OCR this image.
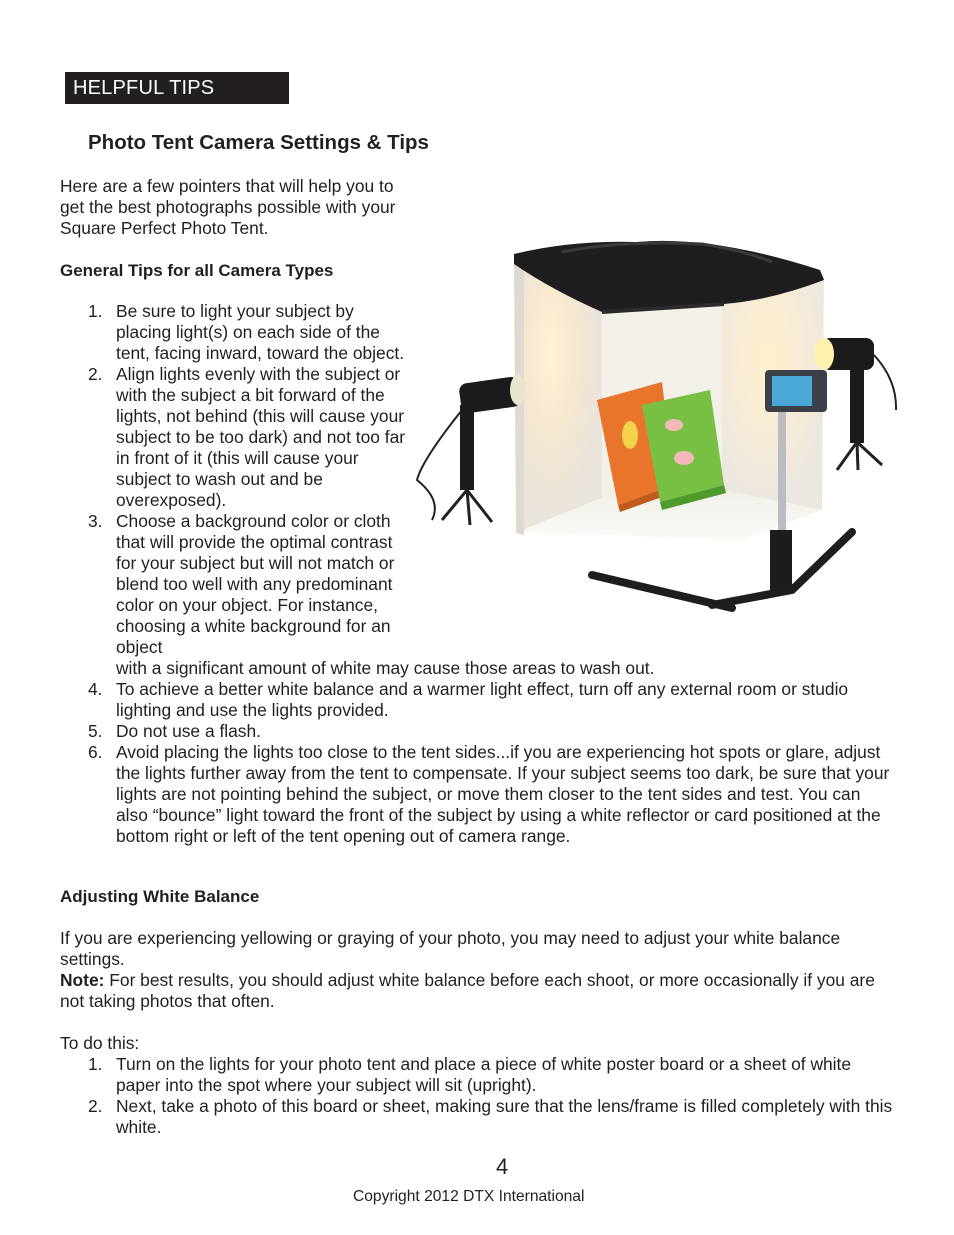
HELPFUL TIPS
Photo Tent Camera Settings & Tips

Here are a few pointers that will help you to get the best photographs possible with your Square Perfect Photo Tent.

General Tips for all Camera Types
1. Be sure to light your subject by placing light(s) on each side of the tent, facing inward, toward the object.
2. Align lights evenly with the subject or with the subject a bit forward of the lights, not behind (this will cause your subject to be too dark) and not too far in front of it (this will cause your subject to wash out and be overexposed).
3. Choose a background color or cloth that will provide the optimal contrast for your subject but will not match or blend too well with any predominant color on your object. For instance, choosing a white background for an object
with a significant amount of white may cause those areas to wash out.
4. To achieve a better white balance and a warmer light effect, turn off any external room or studio lighting and use the lights provided.
5. Do not use a flash.
6. Avoid placing the lights too close to the tent sides...if you are experiencing hot spots or glare, adjust the lights further away from the tent to compensate. If your subject seems too dark, be sure that your lights are not pointing behind the subject, or move them closer to the tent sides and test. You can also “bounce” light toward the front of the subject by using a white reflector or card positioned at the bottom right or left of the tent opening out of camera range.
Adjusting White Balance

If you are experiencing yellowing or graying of your photo, you may need to adjust your white balance settings.
Note: For best results, you should adjust white balance before each shoot, or more occasionally if you are not taking photos that often.

To do this:

1. Turn on the lights for your photo tent and place a piece of white poster board or a sheet of white paper into the spot where your subject will sit (upright).
2. Next, take a photo of this board or sheet, making sure that the lens/frame is filled completely with this white.

4

Copyright 2012 DTX International
